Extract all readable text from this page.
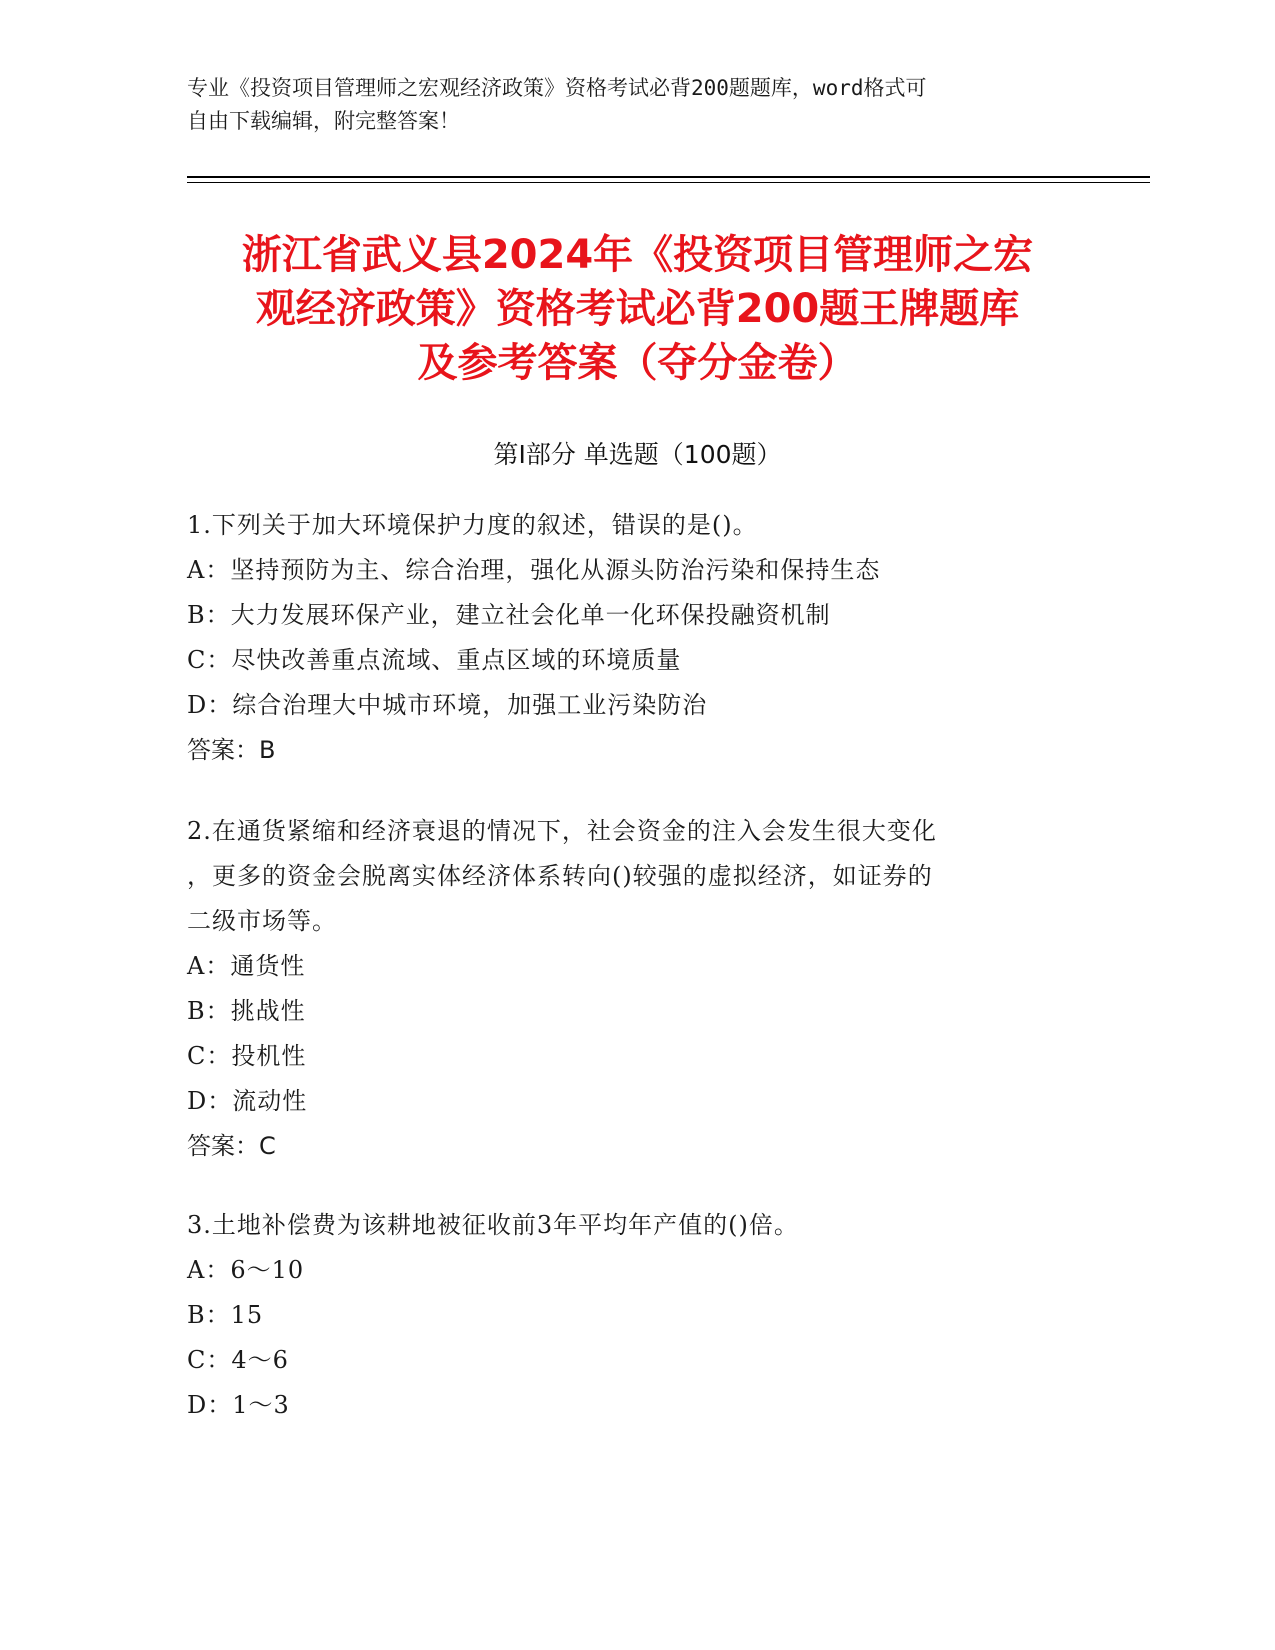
专业《投资项目管理师之宏观经济政策》资格考试必背200题题库，word格式可
自由下载编辑，附完整答案！
浙江省武义县2024年《投资项目管理师之宏
观经济政策》资格考试必背200题王牌题库
及参考答案（夺分金卷）
第Ⅰ部分 单选题（100题）
1.下列关于加大环境保护力度的叙述，错误的是()。
A：坚持预防为主、综合治理，强化从源头防治污染和保持生态
B：大力发展环保产业，建立社会化单一化环保投融资机制
C：尽快改善重点流域、重点区域的环境质量
D：综合治理大中城市环境，加强工业污染防治
答案：B
2.在通货紧缩和经济衰退的情况下，社会资金的注入会发生很大变化
，更多的资金会脱离实体经济体系转向()较强的虚拟经济，如证券的
二级市场等。
A：通货性
B：挑战性
C：投机性
D：流动性
答案：C
3.土地补偿费为该耕地被征收前3年平均年产值的()倍。
A：6～10
B：15
C：4～6
D：1～3
